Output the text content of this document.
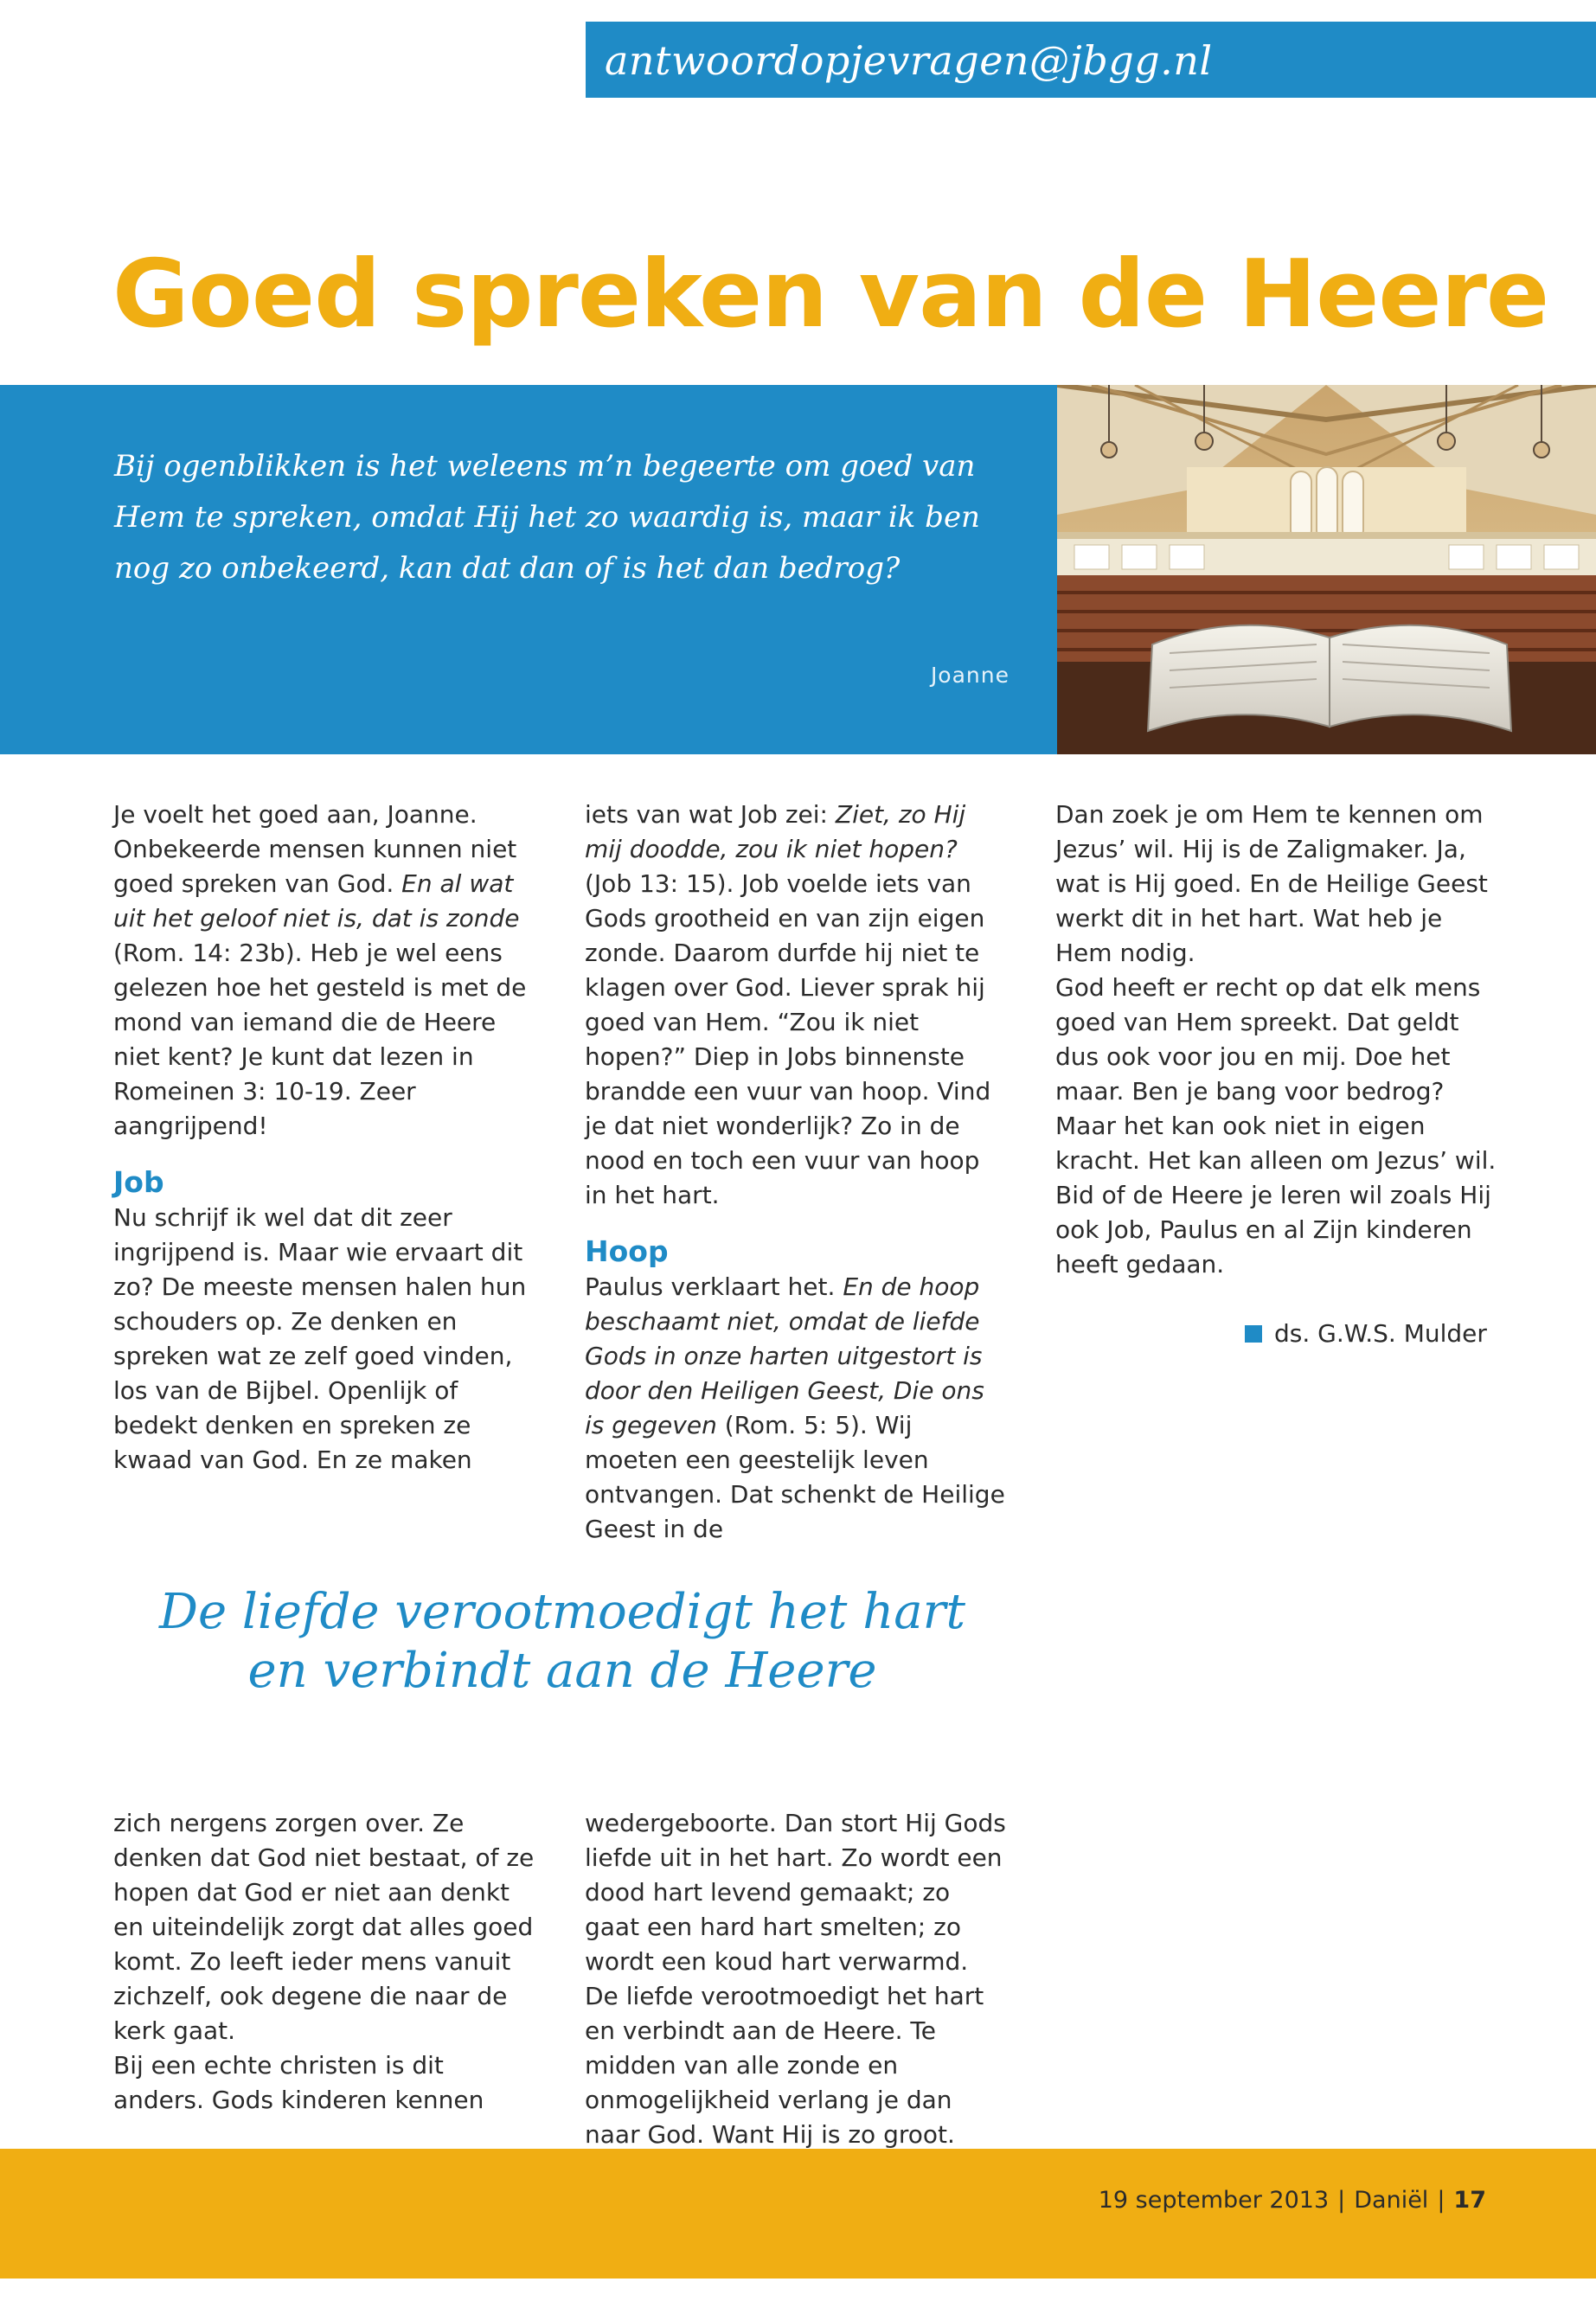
antwoordopjevragen@jbgg.nl
Goed spreken van de Heere

Bij ogenblikken is het weleens m’n begeerte om goed van Hem te spreken, omdat Hij het zo waardig is, maar ik ben nog zo onbekeerd, kan dat dan of is het dan bedrog?

Joanne

Je voelt het goed aan, Joanne. Onbekeerde mensen kunnen niet goed spreken van God. En al wat uit het geloof niet is, dat is zonde (Rom. 14: 23b). Heb je wel eens gelezen hoe het gesteld is met de mond van iemand die de Heere niet kent? Je kunt dat lezen in Romeinen 3: 10-19. Zeer aangrijpend!

Job

Nu schrijf ik wel dat dit zeer ingrijpend is. Maar wie ervaart dit zo? De meeste mensen halen hun schouders op. Ze denken en spreken wat ze zelf goed vinden, los van de Bijbel. Openlijk of bedekt denken en spreken ze kwaad van God. En ze maken

iets van wat Job zei: Ziet, zo Hij mij doodde, zou ik niet hopen? (Job 13: 15). Job voelde iets van Gods grootheid en van zijn eigen zonde. Daarom durfde hij niet te klagen over God. Liever sprak hij goed van Hem. “Zou ik niet hopen?” Diep in Jobs binnenste brandde een vuur van hoop. Vind je dat niet wonderlijk? Zo in de nood en toch een vuur van hoop in het hart.

Hoop

Paulus verklaart het. En de hoop beschaamt niet, omdat de liefde Gods in onze harten uitgestort is door den Heiligen Geest, Die ons is gegeven (Rom. 5: 5). Wij moeten een geestelijk leven ontvangen. Dat schenkt de Heilige Geest in de

Dan zoek je om Hem te kennen om Jezus’ wil. Hij is de Zaligmaker. Ja, wat is Hij goed. En de Heilige Geest werkt dit in het hart. Wat heb je Hem nodig.

God heeft er recht op dat elk mens goed van Hem spreekt. Dat geldt dus ook voor jou en mij. Doe het maar. Ben je bang voor bedrog? Maar het kan ook niet in eigen kracht. Het kan alleen om Jezus’ wil. Bid of de Heere je leren wil zoals Hij ook Job, Paulus en al Zijn kinderen heeft gedaan.

ds. G.W.S. Mulder

De liefde verootmoedigt het hart
en verbindt aan de Heere

zich nergens zorgen over. Ze denken dat God niet bestaat, of ze hopen dat God er niet aan denkt en uiteindelijk zorgt dat alles goed komt. Zo leeft ieder mens vanuit zichzelf, ook degene die naar de kerk gaat.

Bij een echte christen is dit anders. Gods kinderen kennen

wedergeboorte. Dan stort Hij Gods liefde uit in het hart. Zo wordt een dood hart levend gemaakt; zo gaat een hard hart smelten; zo wordt een koud hart verwarmd. De liefde verootmoedigt het hart en verbindt aan de Heere. Te midden van alle zonde en onmogelijkheid verlang je dan naar God. Want Hij is zo groot.

19 september 2013 | Daniël | 17
